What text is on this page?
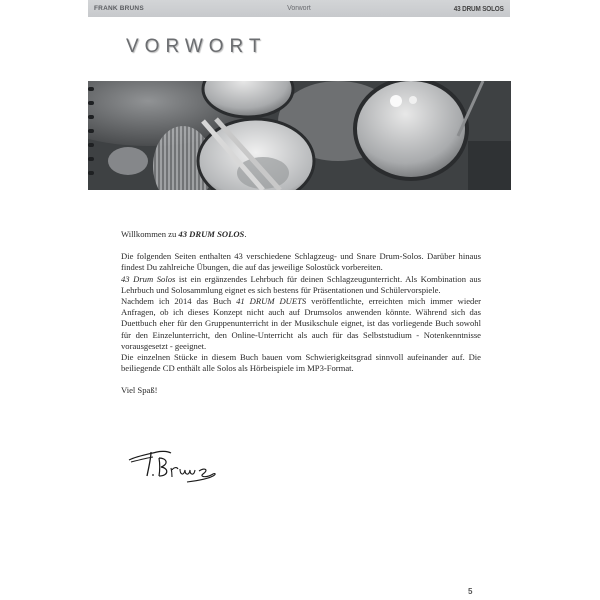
FRANK BRUNS	Vorwort	43 DRUM SOLOS
VORWORT

Willkommen zu 43 DRUM SOLOS.

Die folgenden Seiten enthalten 43 verschiedene Schlagzeug- und Snare Drum-Solos. Darüber hinaus findest Du zahlreiche Übungen, die auf das jeweilige Solostück vorbereiten.

43 Drum Solos ist ein ergänzendes Lehrbuch für deinen Schlagzeugunterricht. Als Kombination aus Lehrbuch und Solosammlung eignet es sich bestens für Präsentationen und Schülervorspiele.

Nachdem ich 2014 das Buch 41 DRUM DUETS veröffentlichte, erreichten mich immer wieder Anfragen, ob ich dieses Konzept nicht auch auf Drumsolos anwenden könnte. Während sich das Duettbuch eher für den Gruppenunterricht in der Musikschule eignet, ist das vorliegende Buch sowohl für den Einzelunterricht, den Online-Unterricht als auch für das Selbststudium - Notenkenntnisse vorausgesetzt - geeignet.

Die einzelnen Stücke in diesem Buch bauen vom Schwierigkeitsgrad sinnvoll aufeinander auf. Die beiliegende CD enthält alle Solos als Hörbeispiele im MP3-Format.

Viel Spaß!

5
